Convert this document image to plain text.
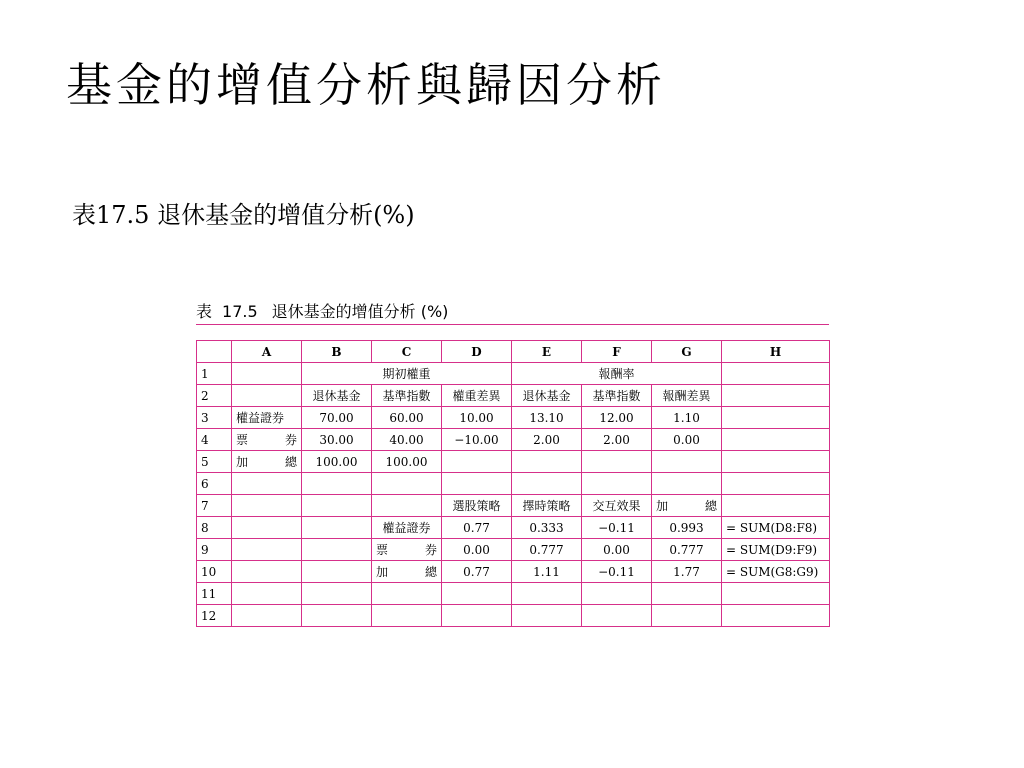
基金的增值分析與歸因分析
表17.5 退休基金的增值分析(%)
表 17.5 退休基金的增值分析 (%)
	A	B	C	D	E	F	G	H
1		期初權重			報酬率			
2		退休基金	基準指數	權重差異	退休基金	基準指數	報酬差異	
3	權益證券	70.00	60.00	10.00	13.10	12.00	1.10	
4	票　　券	30.00	40.00	−10.00	2.00	2.00	0.00	
5	加　　總	100.00	100.00					
6								
7				選股策略	擇時策略	交互效果	加　　總	
8			權益證券	0.77	0.333	−0.11	0.993	= SUM(D8:F8)
9			票　　券	0.00	0.777	0.00	0.777	= SUM(D9:F9)
10			加　　總	0.77	1.11	−0.11	1.77	= SUM(G8:G9)
11								
12								
